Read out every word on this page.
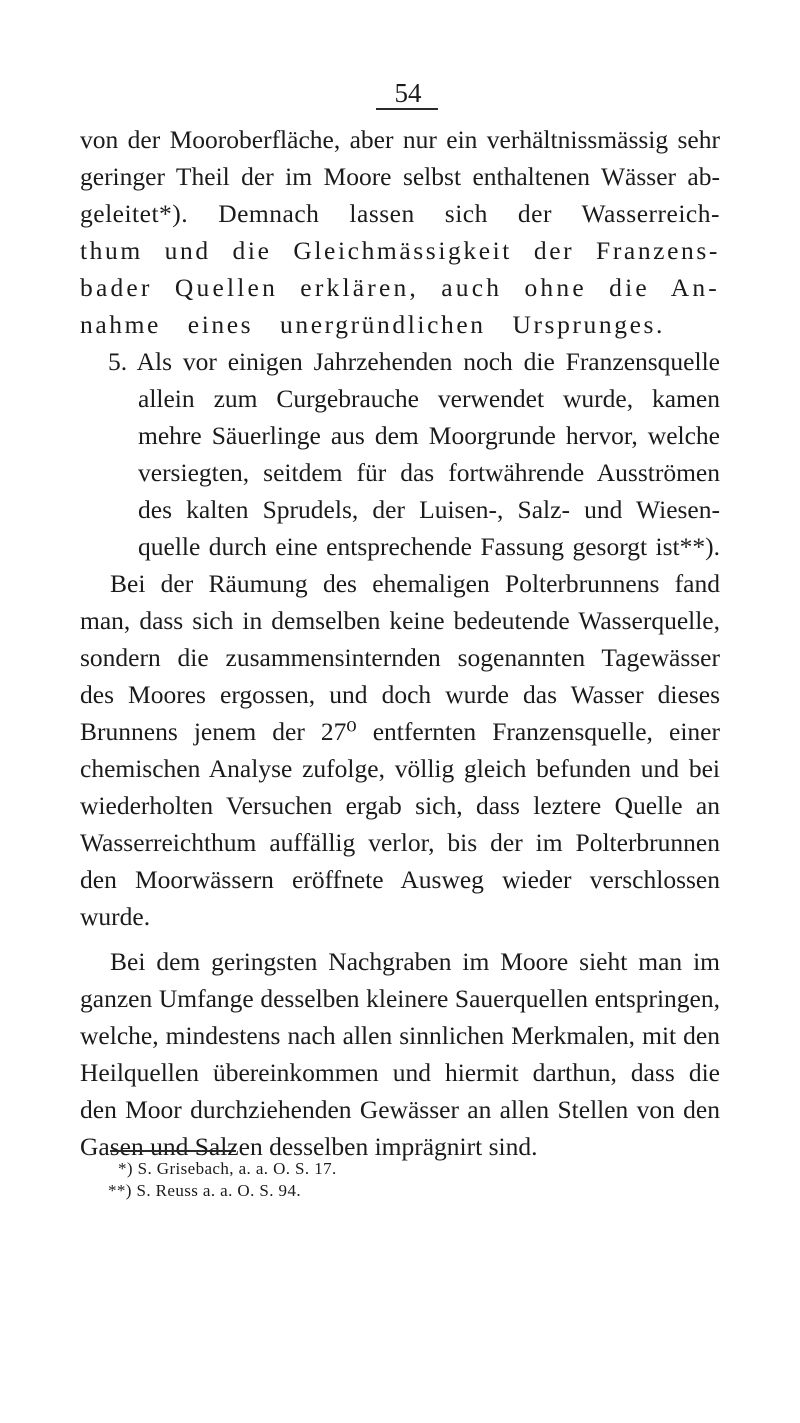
54
von der Mooroberfläche, aber nur ein verhältnissmässig sehr
geringer Theil der im Moore selbst enthaltenen Wässer ab-
geleitet*). Demnach lassen sich der Wasserreich-
thum und die Gleichmässigkeit der Franzens-
bader Quellen erklären, auch ohne die An-
nahme eines unergründlichen Ursprunges.
5. Als vor einigen Jahrzehenden noch die Franzensquelle
allein zum Curgebrauche verwendet wurde, kamen
mehre Säuerlinge aus dem Moorgrunde hervor, welche
versiegten, seitdem für das fortwährende Ausströmen
des kalten Sprudels, der Luisen-, Salz- und Wiesen-
quelle durch eine entsprechende Fassung gesorgt ist**).
Bei der Räumung des ehemaligen Polterbrunnens fand
man, dass sich in demselben keine bedeutende Wasserquelle,
sondern die zusammensinternden sogenannten Tagewässer
des Moores ergossen, und doch wurde das Wasser dieses
Brunnens jenem der 27⁰ entfernten Franzensquelle, einer
chemischen Analyse zufolge, völlig gleich befunden und bei
wiederholten Versuchen ergab sich, dass leztere Quelle an
Wasserreichthum auffällig verlor, bis der im Polterbrunnen
den Moorwässern eröffnete Ausweg wieder verschlossen
wurde.
Bei dem geringsten Nachgraben im Moore sieht man im
ganzen Umfange desselben kleinere Sauerquellen entspringen,
welche, mindestens nach allen sinnlichen Merkmalen, mit den
Heilquellen übereinkommen und hiermit darthun, dass die
den Moor durchziehenden Gewässer an allen Stellen von den
Gasen und Salzen desselben imprägnirt sind.
*) S. Grisebach, a. a. O. S. 17.
**) S. Reuss a. a. O. S. 94.
